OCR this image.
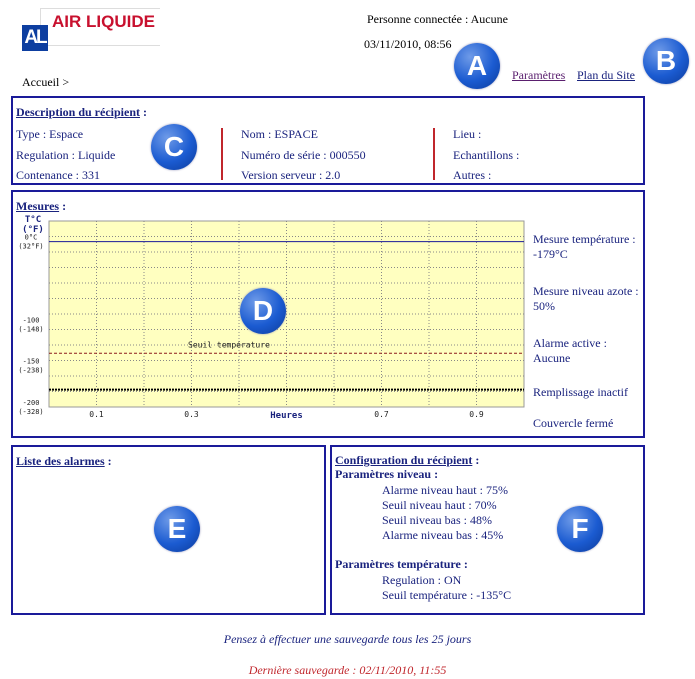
AL
AIR LIQUIDE	Personne connectée : Aucune
03/11/2010, 08:56
Accueil >	Paramètres Plan du Site
A	B
Description du récipient :
Type : Espace
Regulation : Liquide
Contenance : 331
Nom : ESPACE
Numéro de série : 000550
Version serveur : 2.0
Lieu :
Echantillons :
Autres :
C
Mesures :
T°C (°F)
0°C (32°F)
-100 (-148)
-150 (-238)
-200 (-328)	0.1	0.3	0.7	0.9
Heures
Seuil température
Mesure température :
-179°C
Mesure niveau azote :
50%
Alarme active :
Aucune
Remplissage inactif
Couvercle fermé
D
Liste des alarmes :
E
Configuration du récipient :
Paramètres niveau :
Alarme niveau haut : 75%
Seuil niveau haut : 70%
Seuil niveau bas : 48%
Alarme niveau bas : 45%
Paramètres température :
Regulation : ON
Seuil température : -135°C
F
Pensez à effectuer une sauvegarde tous les 25 jours
Dernière sauvegarde : 02/11/2010, 11:55
